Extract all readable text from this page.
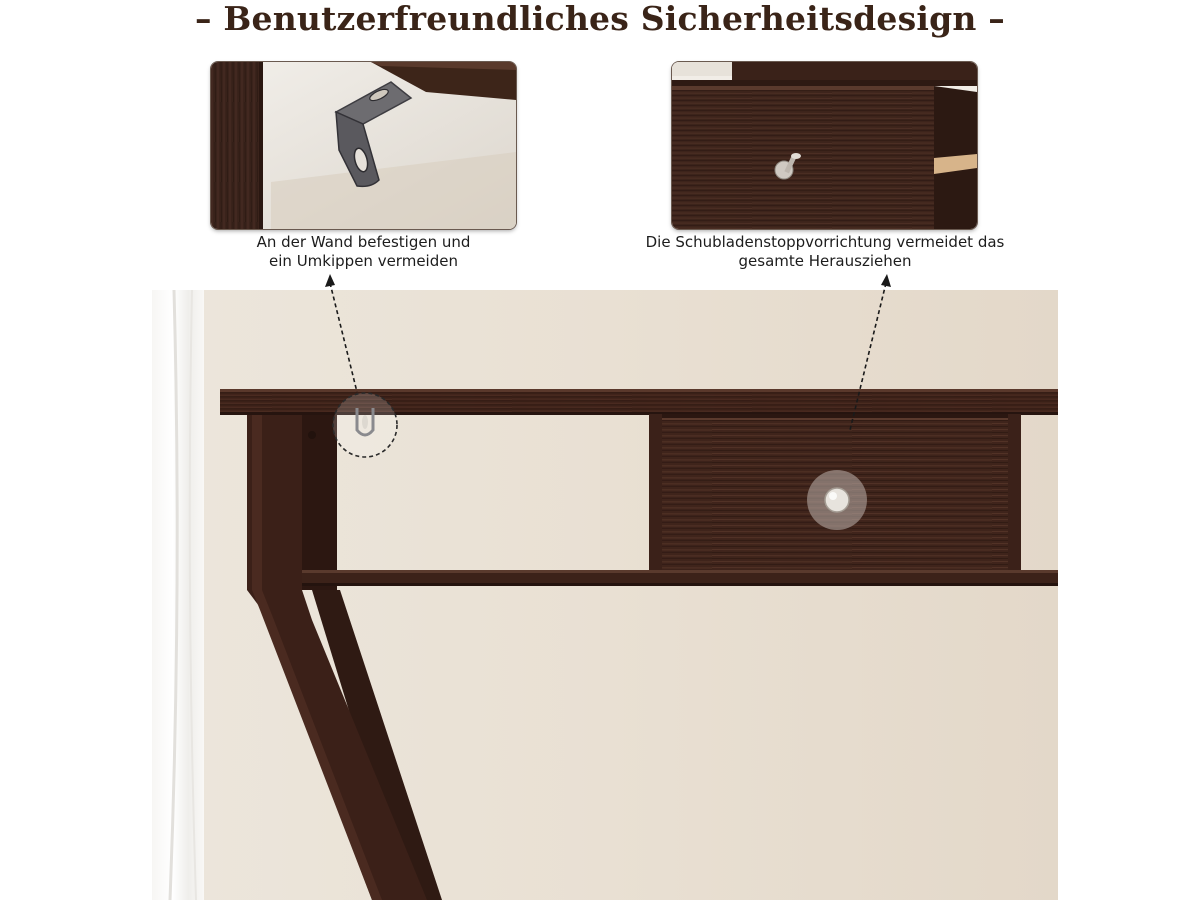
– Benutzerfreundliches Sicherheitsdesign –
An der Wand befestigen und
ein Umkippen vermeiden
Die Schubladenstoppvorrichtung vermeidet das
gesamte Herausziehen
